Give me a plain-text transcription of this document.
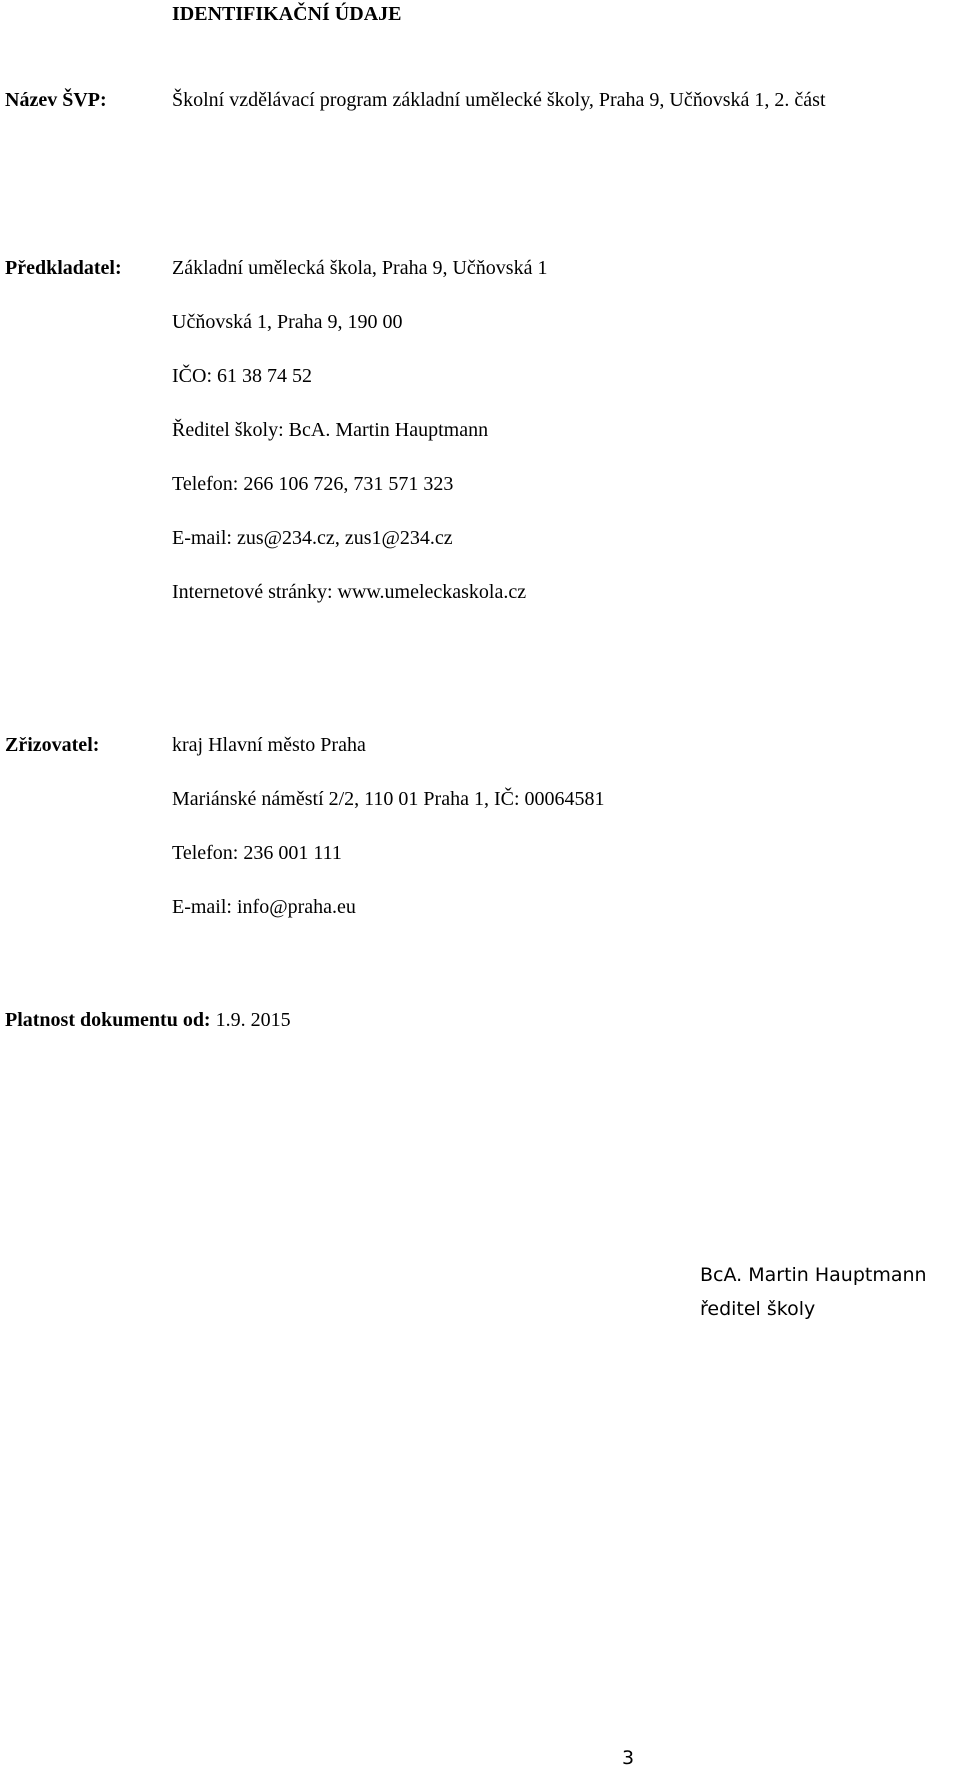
IDENTIFIKAČNÍ ÚDAJE
Název ŠVP:	Školní vzdělávací program základní umělecké školy, Praha 9, Učňovská 1, 2. část
Předkladatel:	Základní umělecká škola, Praha 9, Učňovská 1
Učňovská 1, Praha 9, 190 00
IČO: 61 38 74 52
Ředitel školy: BcA. Martin Hauptmann
Telefon: 266 106 726, 731 571 323
E-mail: zus@234.cz, zus1@234.cz
Internetové stránky: www.umeleckaskola.cz
Zřizovatel:	kraj Hlavní město Praha
Mariánské náměstí 2/2, 110 01 Praha 1, IČ: 00064581
Telefon: 236 001 111
E-mail: info@praha.eu
Platnost dokumentu od: 1.9. 2015
BcA. Martin Hauptmann
ředitel školy
3
